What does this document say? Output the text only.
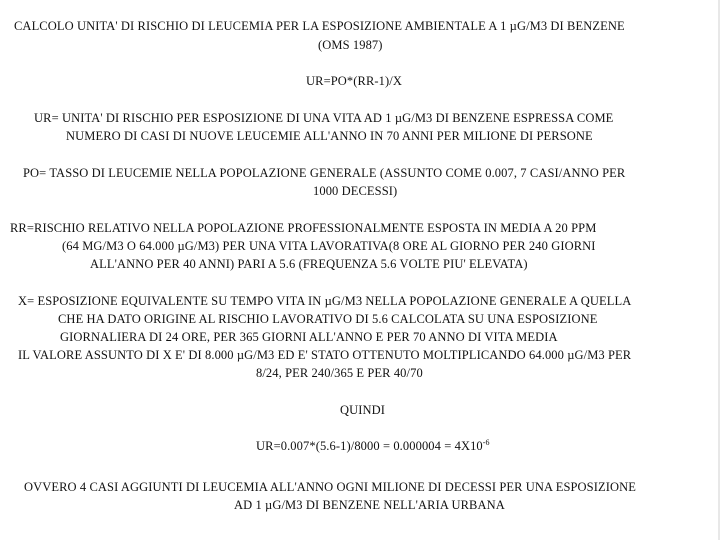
CALCOLO UNITA' DI RISCHIO DI LEUCEMIA PER LA ESPOSIZIONE AMBIENTALE A 1 µG/M3 DI BENZENE
(OMS 1987)
UR=PO*(RR-1)/X
UR= UNITA' DI RISCHIO PER ESPOSIZIONE DI UNA VITA AD 1 µG/M3 DI BENZENE ESPRESSA COME
NUMERO DI CASI DI NUOVE LEUCEMIE ALL'ANNO IN 70 ANNI PER MILIONE DI PERSONE
PO= TASSO DI LEUCEMIE NELLA POPOLAZIONE GENERALE (ASSUNTO COME 0.007, 7 CASI/ANNO PER
1000 DECESSI)
RR=RISCHIO RELATIVO NELLA POPOLAZIONE PROFESSIONALMENTE ESPOSTA IN MEDIA A 20 PPM
(64 MG/M3 O 64.000 µG/M3) PER UNA VITA LAVORATIVA(8 ORE AL GIORNO PER 240 GIORNI
ALL'ANNO PER 40 ANNI) PARI A 5.6 (FREQUENZA 5.6 VOLTE PIU' ELEVATA)
X= ESPOSIZIONE EQUIVALENTE SU TEMPO VITA IN µG/M3 NELLA POPOLAZIONE GENERALE A QUELLA
CHE HA DATO ORIGINE AL RISCHIO LAVORATIVO DI 5.6 CALCOLATA SU UNA ESPOSIZIONE
GIORNALIERA DI 24 ORE, PER 365 GIORNI ALL'ANNO E PER 70 ANNO DI VITA MEDIA
IL VALORE ASSUNTO DI X E' DI 8.000 µG/M3 ED E' STATO OTTENUTO MOLTIPLICANDO 64.000 µG/M3 PER
8/24, PER 240/365 E PER 40/70
QUINDI
$UR=0.007*(5.6-1)/8000 = 0.000004 = 4X10^{-6}$
OVVERO 4 CASI AGGIUNTI DI LEUCEMIA ALL'ANNO OGNI MILIONE DI DECESSI PER UNA ESPOSIZIONE
AD 1 µG/M3 DI BENZENE NELL'ARIA URBANA
